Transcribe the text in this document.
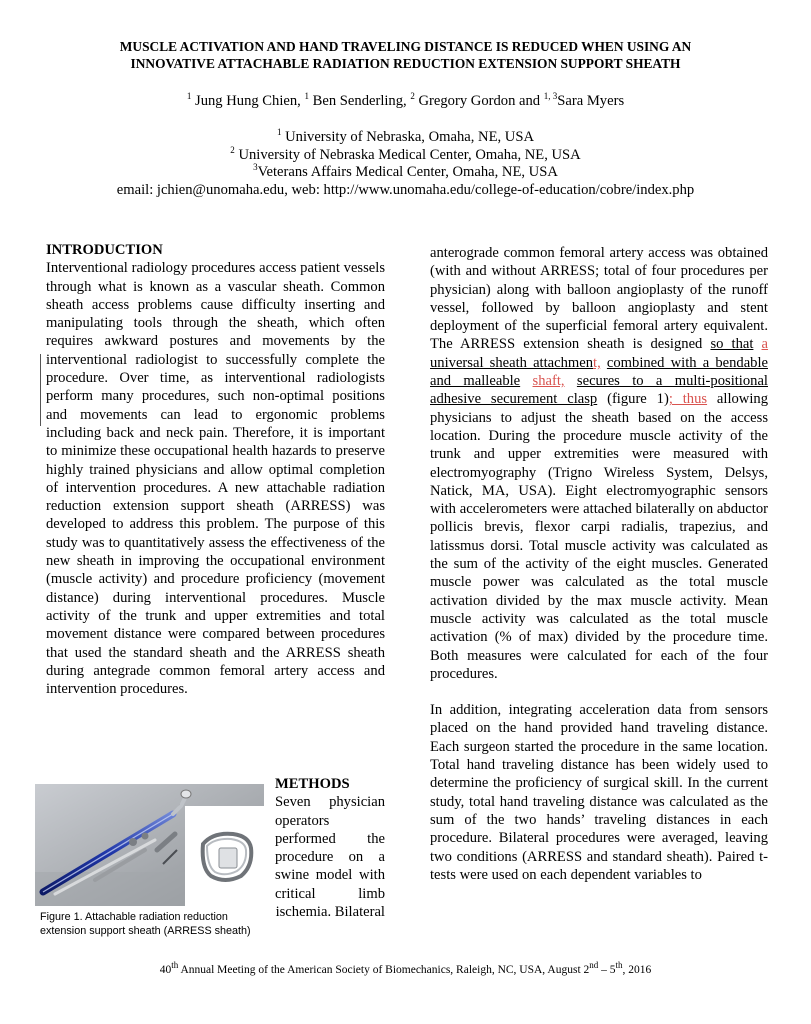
MUSCLE ACTIVATION AND HAND TRAVELING DISTANCE IS REDUCED WHEN USING AN
INNOVATIVE ATTACHABLE RADIATION REDUCTION EXTENSION SUPPORT SHEATH
$^1$ Jung Hung Chien, $^1$ Ben Senderling, $^2$ Gregory Gordon and $^{1, 3}$Sara Myers
$^1$ University of Nebraska, Omaha, NE, USA
$^2$ University of Nebraska Medical Center, Omaha, NE, USA
$^3$Veterans Affairs Medical Center, Omaha, NE, USA
email: jchien@unomaha.edu, web: http://www.unomaha.edu/college-of-education/cobre/index.php
INTRODUCTION
Interventional radiology procedures access patient vessels through what is known as a vascular sheath. Common sheath access problems cause difficulty inserting and manipulating tools through the sheath, which often requires awkward postures and movements by the interventional radiologist to successfully complete the procedure. Over time, as interventional radiologists perform many procedures, such non-optimal positions and movements can lead to ergonomic problems including back and neck pain. Therefore, it is important to minimize these occupational health hazards to preserve highly trained physicians and allow optimal completion of intervention procedures. A new attachable radiation reduction extension support sheath (ARRESS) was developed to address this problem. The purpose of this study was to quantitatively assess the effectiveness of the new sheath in improving the occupational environment (muscle activity) and procedure proficiency (movement distance) during interventional procedures. Muscle activity of the trunk and upper extremities and total movement distance were compared between procedures that used the standard sheath and the ARRESS sheath during antegrade common femoral artery access and intervention procedures.
Figure 1. Attachable radiation reduction
extension support sheath (ARRESS sheath)
METHODS
Seven physician operators performed the procedure on a swine model with critical limb ischemia. Bilateral
anterograde common femoral artery access was obtained (with and without ARRESS; total of four procedures per physician) along with balloon angioplasty of the runoff vessel, followed by balloon angioplasty and stent deployment of the superficial femoral artery equivalent. The ARRESS extension sheath is designed so that a universal sheath attachment, combined with a bendable and malleable shaft, secures to a multi-positional adhesive securement clasp (figure 1); thus allowing physicians to adjust the sheath based on the access location. During the procedure muscle activity of the trunk and upper extremities were measured with electromyography (Trigno Wireless System, Delsys, Natick, MA, USA). Eight electromyographic sensors with accelerometers were attached bilaterally on abductor pollicis brevis, flexor carpi radialis, trapezius, and latissmus dorsi. Total muscle activity was calculated as the sum of the activity of the eight muscles. Generated muscle power was calculated as the total muscle activation divided by the max muscle activity. Mean muscle activity was calculated as the total muscle activation (% of max) divided by the procedure time. Both measures were calculated for each of the four procedures.
In addition, integrating acceleration data from sensors placed on the hand provided hand traveling distance. Each surgeon started the procedure in the same location. Total hand traveling distance has been widely used to determine the proficiency of surgical skill. In the current study, total hand traveling distance was calculated as the sum of the two hands’ traveling distances in each procedure. Bilateral procedures were averaged, leaving two conditions (ARRESS and standard sheath). Paired t-tests were used on each dependent variables to
40th Annual Meeting of the American Society of Biomechanics, Raleigh, NC, USA, August 2nd – 5th, 2016
